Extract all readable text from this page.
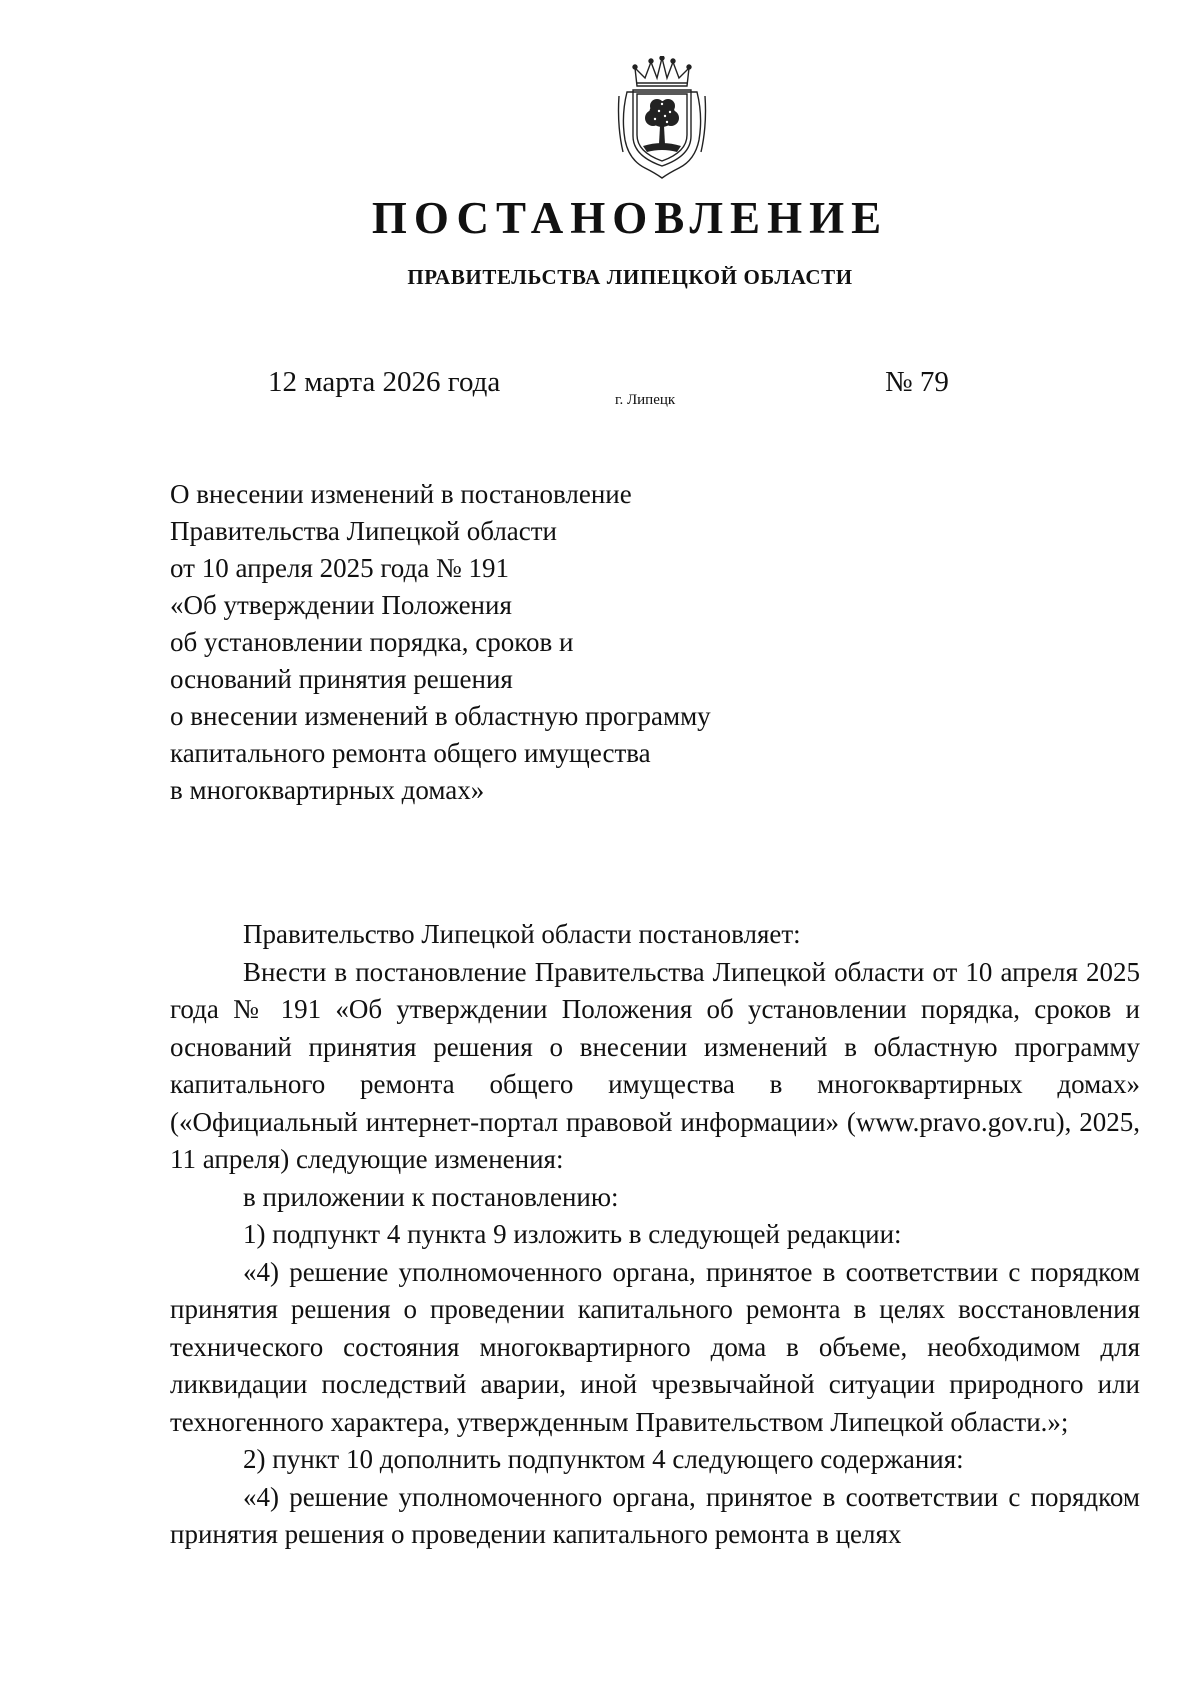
ПОСТАНОВЛЕНИЕ
ПРАВИТЕЛЬСТВА ЛИПЕЦКОЙ ОБЛАСТИ
12 марта 2026 года
г. Липецк
№ 79
О внесении изменений в постановление
Правительства Липецкой области
от 10 апреля 2025 года № 191
«Об утверждении Положения
об установлении порядка, сроков и
оснований принятия решения
о внесении изменений в областную программу
капитального ремонта общего имущества
в многоквартирных домах»

Правительство Липецкой области постановляет:

Внести в постановление Правительства Липецкой области от 10 апреля 2025 года № 191 «Об утверждении Положения об установлении порядка, сроков и оснований принятия решения о внесении изменений в областную программу капитального ремонта общего имущества в многоквартирных домах» («Официальный интернет-портал правовой информации» (www.pravo.gov.ru), 2025, 11 апреля) следующие изменения:

в приложении к постановлению:

1) подпункт 4 пункта 9 изложить в следующей редакции:

«4) решение уполномоченного органа, принятое в соответствии с порядком принятия решения о проведении капитального ремонта в целях восстановления технического состояния многоквартирного дома в объеме, необходимом для ликвидации последствий аварии, иной чрезвычайной ситуации природного или техногенного характера, утвержденным Правительством Липецкой области.»;

2) пункт 10 дополнить подпунктом 4 следующего содержания:

«4) решение уполномоченного органа, принятое в соответствии с порядком принятия решения о проведении капитального ремонта в целях
